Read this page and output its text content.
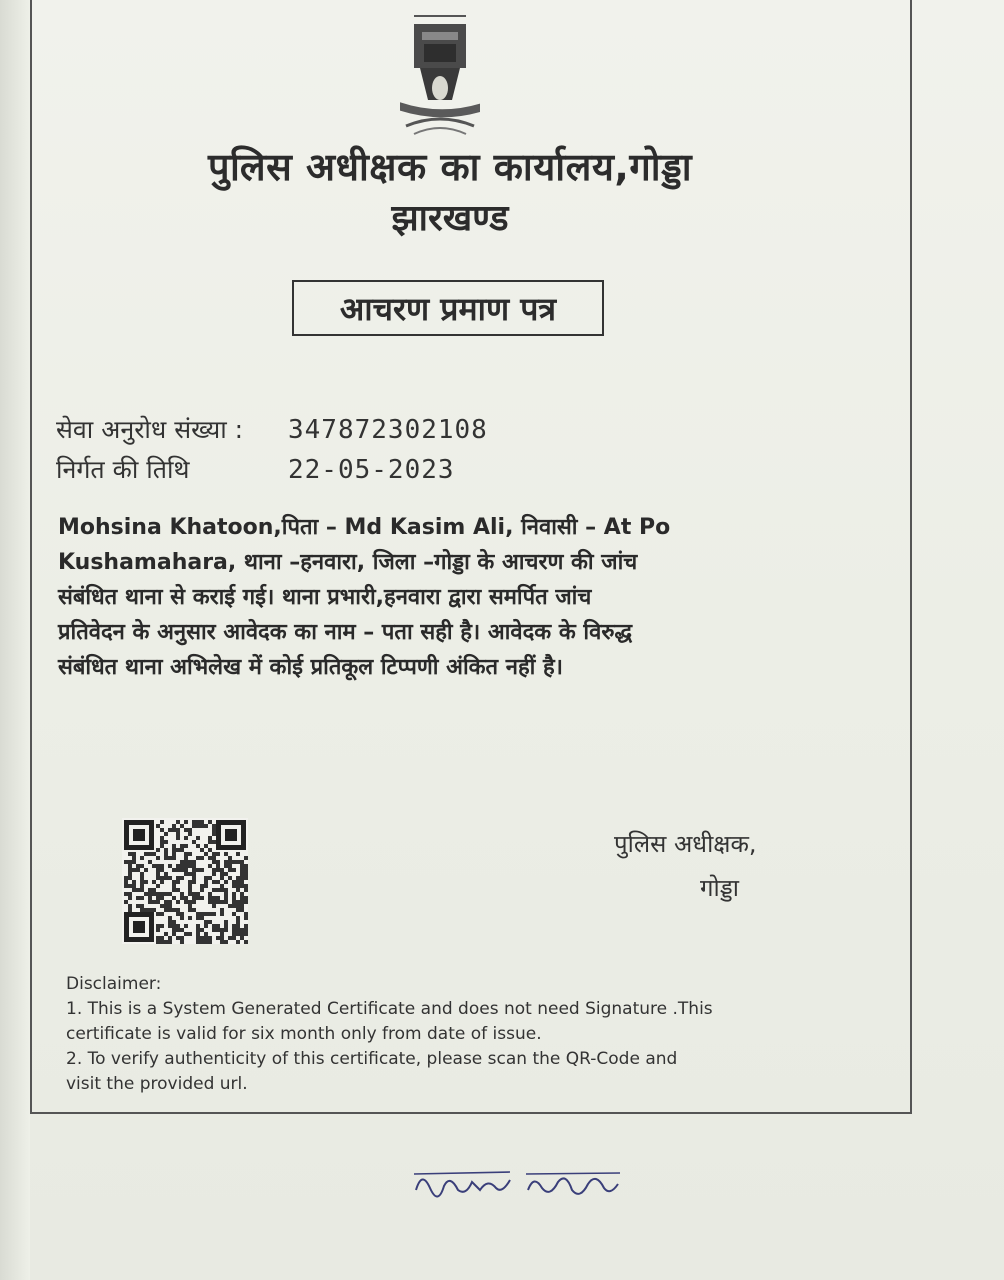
पुलिस अधीक्षक का कार्यालय,गोड्डा
झारखण्ड
आचरण प्रमाण पत्र
सेवा अनुरोध संख्या : 347872302108
निर्गत की तिथि	22-05-2023
Mohsina Khatoon,पिता – Md Kasim Ali, निवासी – At Po
Kushamahara, थाना –हनवारा, जिला –गोड्डा के आचरण की जांच
संबंधित थाना से कराई गई। थाना प्रभारी,हनवारा द्वारा समर्पित जांच
प्रतिवेदन के अनुसार आवेदक का नाम – पता सही है। आवेदक के विरुद्ध
संबंधित थाना अभिलेख में कोई प्रतिकूल टिप्पणी अंकित नहीं है।
पुलिस अधीक्षक,
गोड्डा
Disclaimer:
1. This is a System Generated Certificate and does not need Signature .This
certificate is valid for six month only from date of issue.
2. To verify authenticity of this certificate, please scan the QR-Code and
visit the provided url.
